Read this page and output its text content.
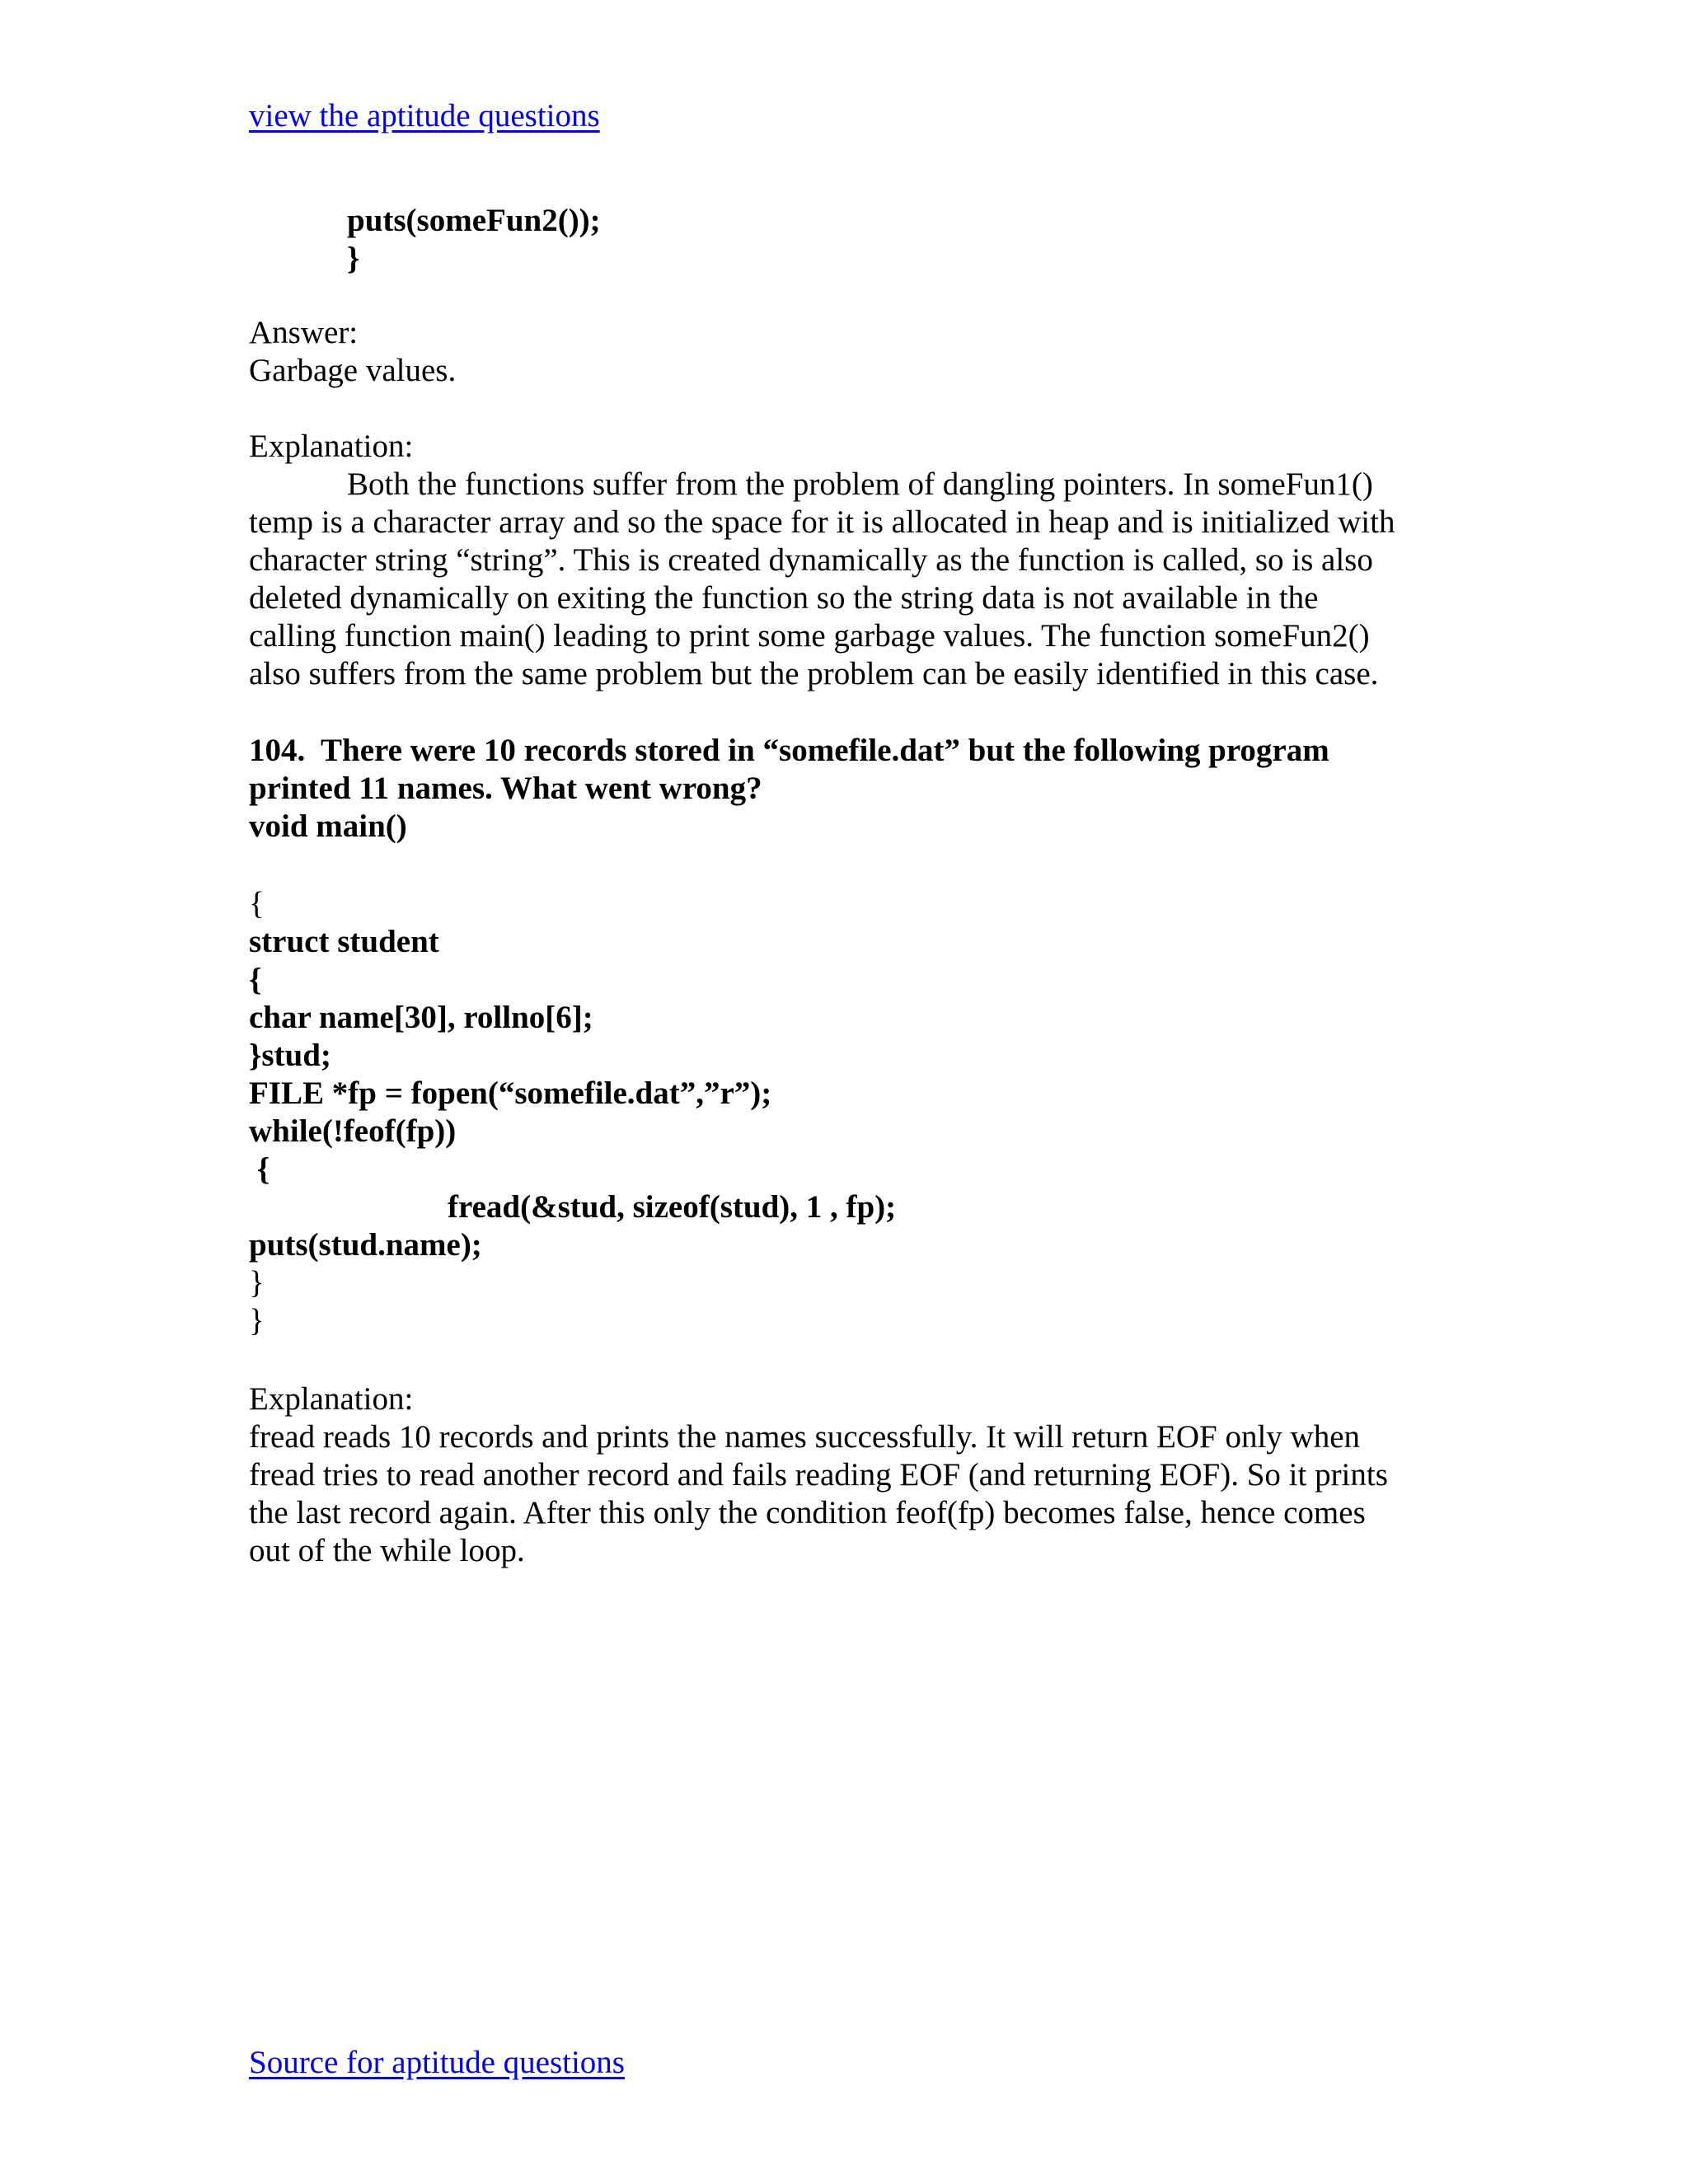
view the aptitude questions
puts(someFun2());
}
Answer:
Garbage values.
Explanation:
Both the functions suffer from the problem of dangling pointers. In someFun1()
temp is a character array and so the space for it is allocated in heap and is initialized with
character string “string”. This is created dynamically as the function is called, so is also
deleted dynamically on exiting the function so the string data is not available in the
calling function main() leading to print some garbage values. The function someFun2()
also suffers from the same problem but the problem can be easily identified in this case.
104.  There were 10 records stored in “somefile.dat” but the following program
printed 11 names. What went wrong?
void main()
{
struct student
{
char name[30], rollno[6];
}stud;
FILE *fp = fopen(“somefile.dat”,”r”);
while(!feof(fp))
{
fread(&stud, sizeof(stud), 1 , fp);
puts(stud.name);
}
}
Explanation:
fread reads 10 records and prints the names successfully. It will return EOF only when
fread tries to read another record and fails reading EOF (and returning EOF). So it prints
the last record again. After this only the condition feof(fp) becomes false, hence comes
out of the while loop.
Source for aptitude questions
